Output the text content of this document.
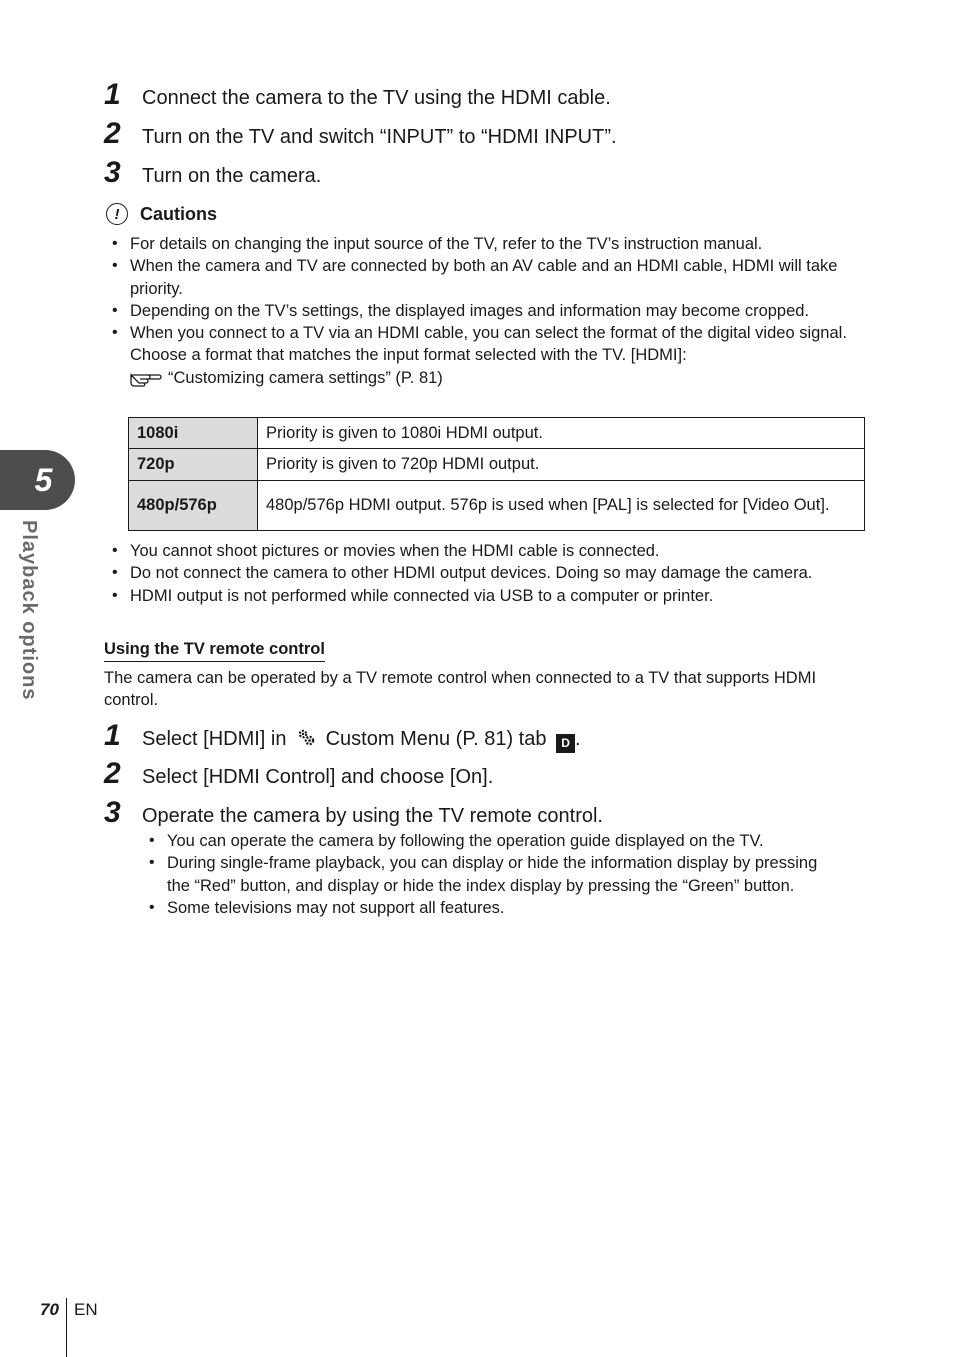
1	Connect the camera to the TV using the HDMI cable.
2	Turn on the TV and switch “INPUT” to “HDMI INPUT”.
3	Turn on the camera.
!	Cautions
• For details on changing the input source of the TV, refer to the TV’s instruction manual.
• When the camera and TV are connected by both an AV cable and an HDMI cable, HDMI will take priority.
• Depending on the TV’s settings, the displayed images and information may become cropped.
• When you connect to a TV via an HDMI cable, you can select the format of the digital video signal. Choose a format that matches the input format selected with the TV. [HDMI]:
“Customizing camera settings” (P. 81)
1080i	Priority is given to 1080i HDMI output.
720p	Priority is given to 720p HDMI output.
480p/576p	480p/576p HDMI output. 576p is used when [PAL] is selected for [Video Out].
• You cannot shoot pictures or movies when the HDMI cable is connected.
• Do not connect the camera to other HDMI output devices. Doing so may damage the camera.
• HDMI output is not performed while connected via USB to a computer or printer.
Using the TV remote control
The camera can be operated by a TV remote control when connected to a TV that supports HDMI control.
1	Select [HDMI] in Custom Menu (P. 81) tab D .
2	Select [HDMI Control] and choose [On].
3	Operate the camera by using the TV remote control.
• You can operate the camera by following the operation guide displayed on the TV.
• During single-frame playback, you can display or hide the information display by pressing the “Red” button, and display or hide the index display by pressing the “Green” button.
• Some televisions may not support all features.
5
Playback options
70 EN
